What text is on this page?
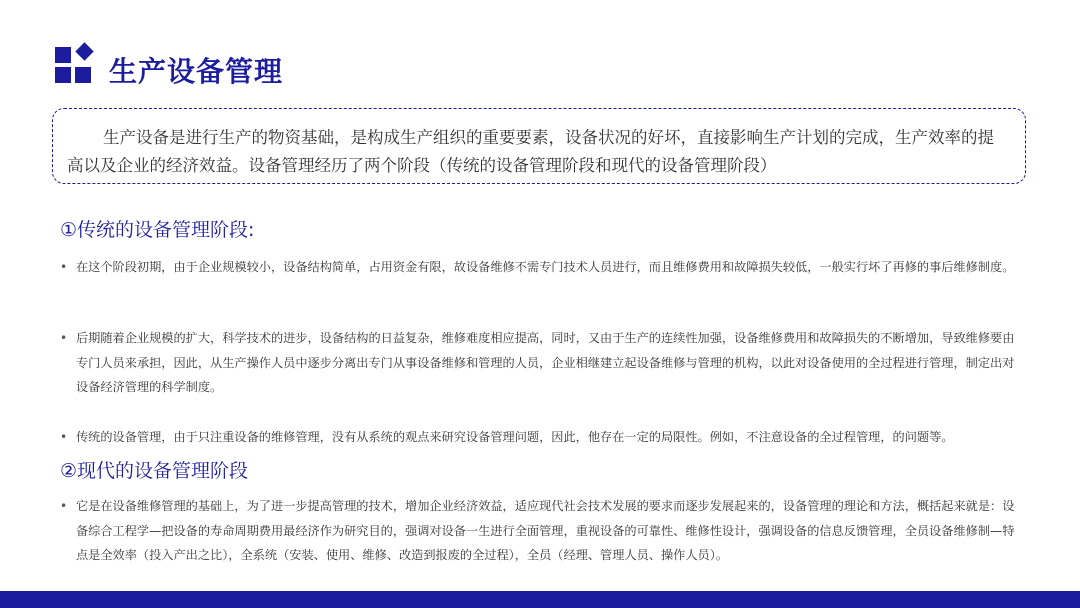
生产设备管理
生产设备是进行生产的物资基础，是构成生产组织的重要要素，设备状况的好坏，直接影响生产计划的完成，生产效率的提高以及企业的经济效益。设备管理经历了两个阶段（传统的设备管理阶段和现代的设备管理阶段）
①传统的设备管理阶段:
• 在这个阶段初期，由于企业规模较小，设备结构简单，占用资金有限，故设备维修不需专门技术人员进行，而且维修费用和故障损失较低，一般实行坏了再修的事后维修制度。
• 后期随着企业规模的扩大，科学技术的进步，设备结构的日益复杂，维修难度相应提高，同时，又由于生产的连续性加强，设备维修费用和故障损失的不断增加，导致维修要由专门人员来承担，因此，从生产操作人员中逐步分离出专门从事设备维修和管理的人员，企业相继建立起设备维修与管理的机构，以此对设备使用的全过程进行管理，制定出对设备经济管理的科学制度。
• 传统的设备管理，由于只注重设备的维修管理，没有从系统的观点来研究设备管理问题，因此，他存在一定的局限性。例如，不注意设备的全过程管理，的问题等。
②现代的设备管理阶段
• 它是在设备维修管理的基础上，为了进一步提高管理的技术，增加企业经济效益，适应现代社会技术发展的要求而逐步发展起来的，设备管理的理论和方法，概括起来就是：设备综合工程学—把设备的寿命周期费用最经济作为研究目的，强调对设备一生进行全面管理，重视设备的可靠性、维修性设计，强调设备的信息反馈管理，全员设备维修制—特点是全效率（投入产出之比），全系统（安装、使用、维修、改造到报废的全过程），全员（经理、管理人员、操作人员）。
